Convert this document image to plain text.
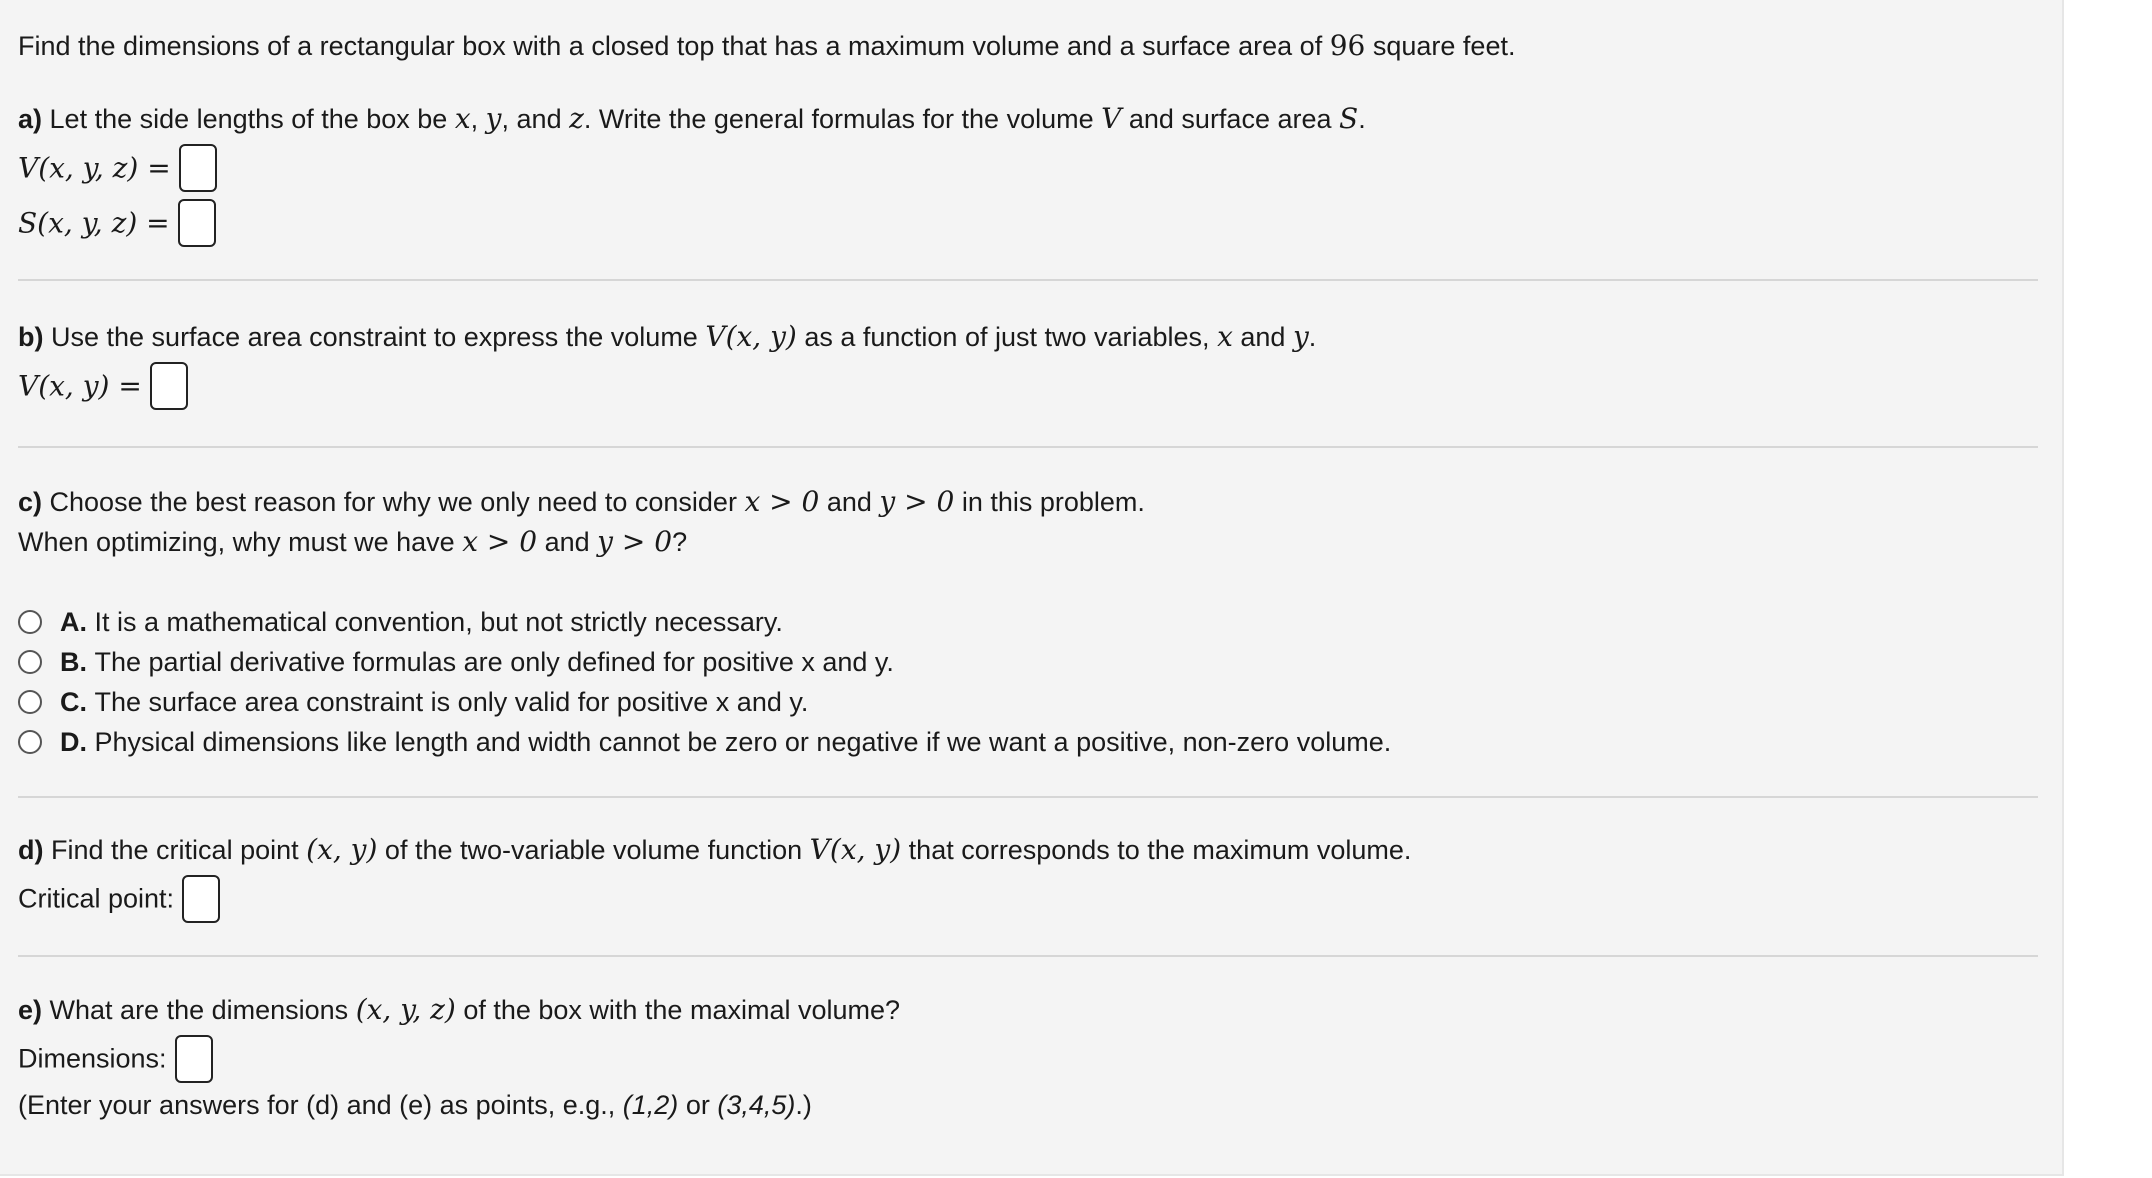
Find the dimensions of a rectangular box with a closed top that has a maximum volume and a surface area of 96 square feet.

a) Let the side lengths of the box be x, y, and z. Write the general formulas for the volume V and surface area S.

V(x, y, z) =
S(x, y, z) =

b) Use the surface area constraint to express the volume V(x, y) as a function of just two variables, x and y.

V(x, y) =

c) Choose the best reason for why we only need to consider x > 0 and y > 0 in this problem.

When optimizing, why must we have x > 0 and y > 0?

A.
It is a mathematical convention, but not strictly necessary.
B.
The partial derivative formulas are only defined for positive x and y.
C.
The surface area constraint is only valid for positive x and y.
D.
Physical dimensions like length and width cannot be zero or negative if we want a positive, non-zero volume.

d) Find the critical point (x, y) of the two-variable volume function V(x, y) that corresponds to the maximum volume.

Critical point:

e) What are the dimensions (x, y, z) of the box with the maximal volume?

Dimensions:

(Enter your answers for (d) and (e) as points, e.g., (1,2) or (3,4,5).)
